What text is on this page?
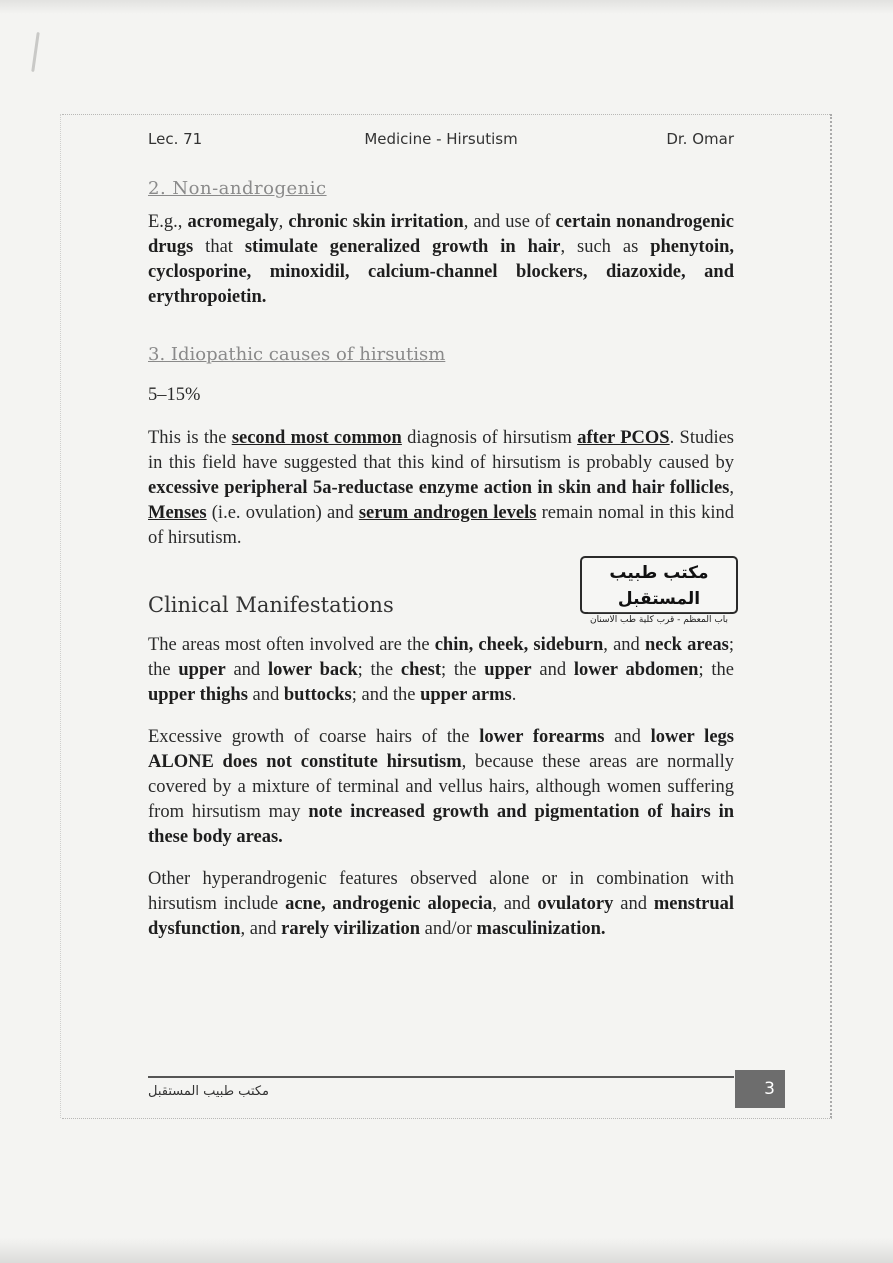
Lec. 71	Medicine - Hirsutism	Dr. Omar
2. Non-androgenic

E.g., acromegaly, chronic skin irritation, and use of certain nonandrogenic drugs that stimulate generalized growth in hair, such as phenytoin, cyclosporine, minoxidil, calcium-channel blockers, diazoxide, and erythropoietin.

3. Idiopathic causes of hirsutism
5–15%

This is the second most common diagnosis of hirsutism after PCOS. Studies in this field have suggested that this kind of hirsutism is probably caused by excessive peripheral 5a-reductase enzyme action in skin and hair follicles, Menses (i.e. ovulation) and serum androgen levels remain nomal in this kind of hirsutism.

Clinical Manifestations

The areas most often involved are the chin, cheek, sideburn, and neck areas; the upper and lower back; the chest; the upper and lower abdomen; the upper thighs and buttocks; and the upper arms.

Excessive growth of coarse hairs of the lower forearms and lower legs ALONE does not constitute hirsutism, because these areas are normally covered by a mixture of terminal and vellus hairs, although women suffering from hirsutism may note increased growth and pigmentation of hairs in these body areas.

Other hyperandrogenic features observed alone or in combination with hirsutism include acne, androgenic alopecia, and ovulatory and menstrual dysfunction, and rarely virilization and/or masculinization.

مكتب طبيب المستقبل
باب المعظم - قرب كلية طب الاسنان
مكتب طبيب المستقبل	3
